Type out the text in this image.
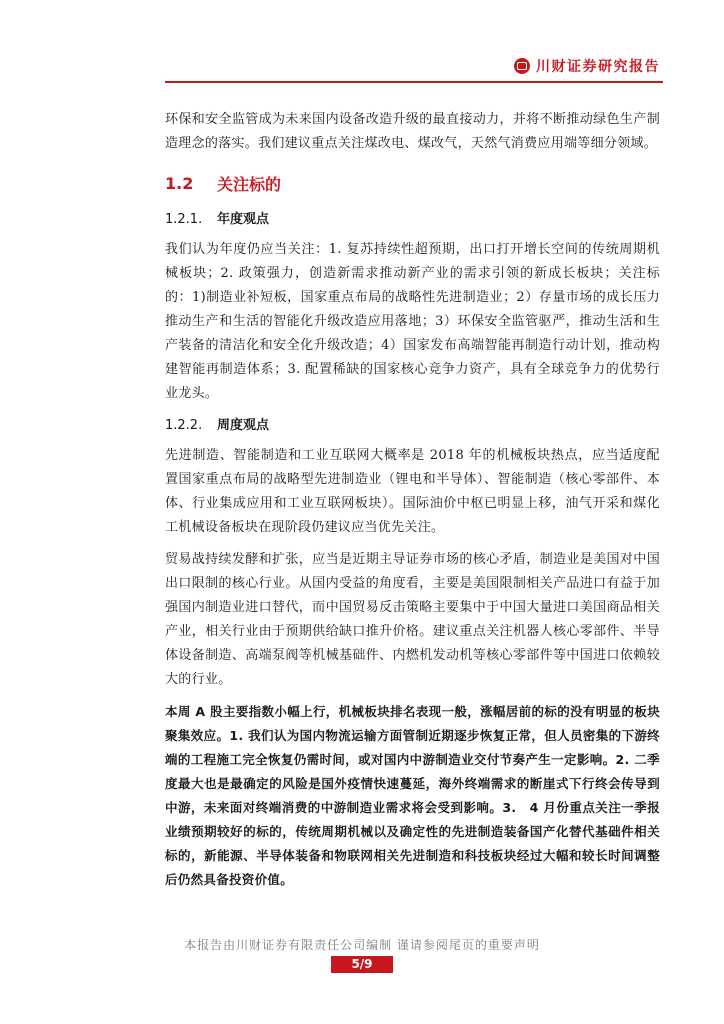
川财证券研究报告

环保和安全监管成为未来国内设备改造升级的最直接动力，并将不断推动绿色生产制造理念的落实。我们建议重点关注煤改电、煤改气，天然气消费应用端等细分领域。

1.2	关注标的
1.2.1. 年度观点

我们认为年度仍应当关注：1. 复苏持续性超预期，出口打开增长空间的传统周期机械板块；2. 政策强力，创造新需求推动新产业的需求引领的新成长板块；关注标的：1)制造业补短板，国家重点布局的战略性先进制造业；2）存量市场的成长压力推动生产和生活的智能化升级改造应用落地；3）环保安全监管驱严，推动生活和生产装备的清洁化和安全化升级改造；4）国家发布高端智能再制造行动计划，推动构建智能再制造体系；3. 配置稀缺的国家核心竞争力资产，具有全球竞争力的优势行业龙头。

1.2.2. 周度观点

先进制造、智能制造和工业互联网大概率是 2018 年的机械板块热点，应当适度配置国家重点布局的战略型先进制造业（锂电和半导体）、智能制造（核心零部件、本体、行业集成应用和工业互联网板块）。国际油价中枢已明显上移，油气开采和煤化工机械设备板块在现阶段仍建议应当优先关注。

贸易战持续发酵和扩张，应当是近期主导证券市场的核心矛盾，制造业是美国对中国出口限制的核心行业。从国内受益的角度看，主要是美国限制相关产品进口有益于加强国内制造业进口替代，而中国贸易反击策略主要集中于中国大量进口美国商品相关产业，相关行业由于预期供给缺口推升价格。建议重点关注机器人核心零部件、半导体设备制造、高端泵阀等机械基础件、内燃机发动机等核心零部件等中国进口依赖较大的行业。

本周 A 股主要指数小幅上行，机械板块排名表现一般，涨幅居前的标的没有明显的板块聚集效应。1. 我们认为国内物流运输方面管制近期逐步恢复正常，但人员密集的下游终端的工程施工完全恢复仍需时间，或对国内中游制造业交付节奏产生一定影响。2. 二季度最大也是最确定的风险是国外疫情快速蔓延，海外终端需求的断崖式下行终会传导到中游，未来面对终端消费的中游制造业需求将会受到影响。3.　4 月份重点关注一季报业绩预期较好的标的，传统周期机械以及确定性的先进制造装备国产化替代基础件相关标的，新能源、半导体装备和物联网相关先进制造和科技板块经过大幅和较长时间调整后仍然具备投资价值。

本报告由川财证券有限责任公司编制 谨请参阅尾页的重要声明
5/9
